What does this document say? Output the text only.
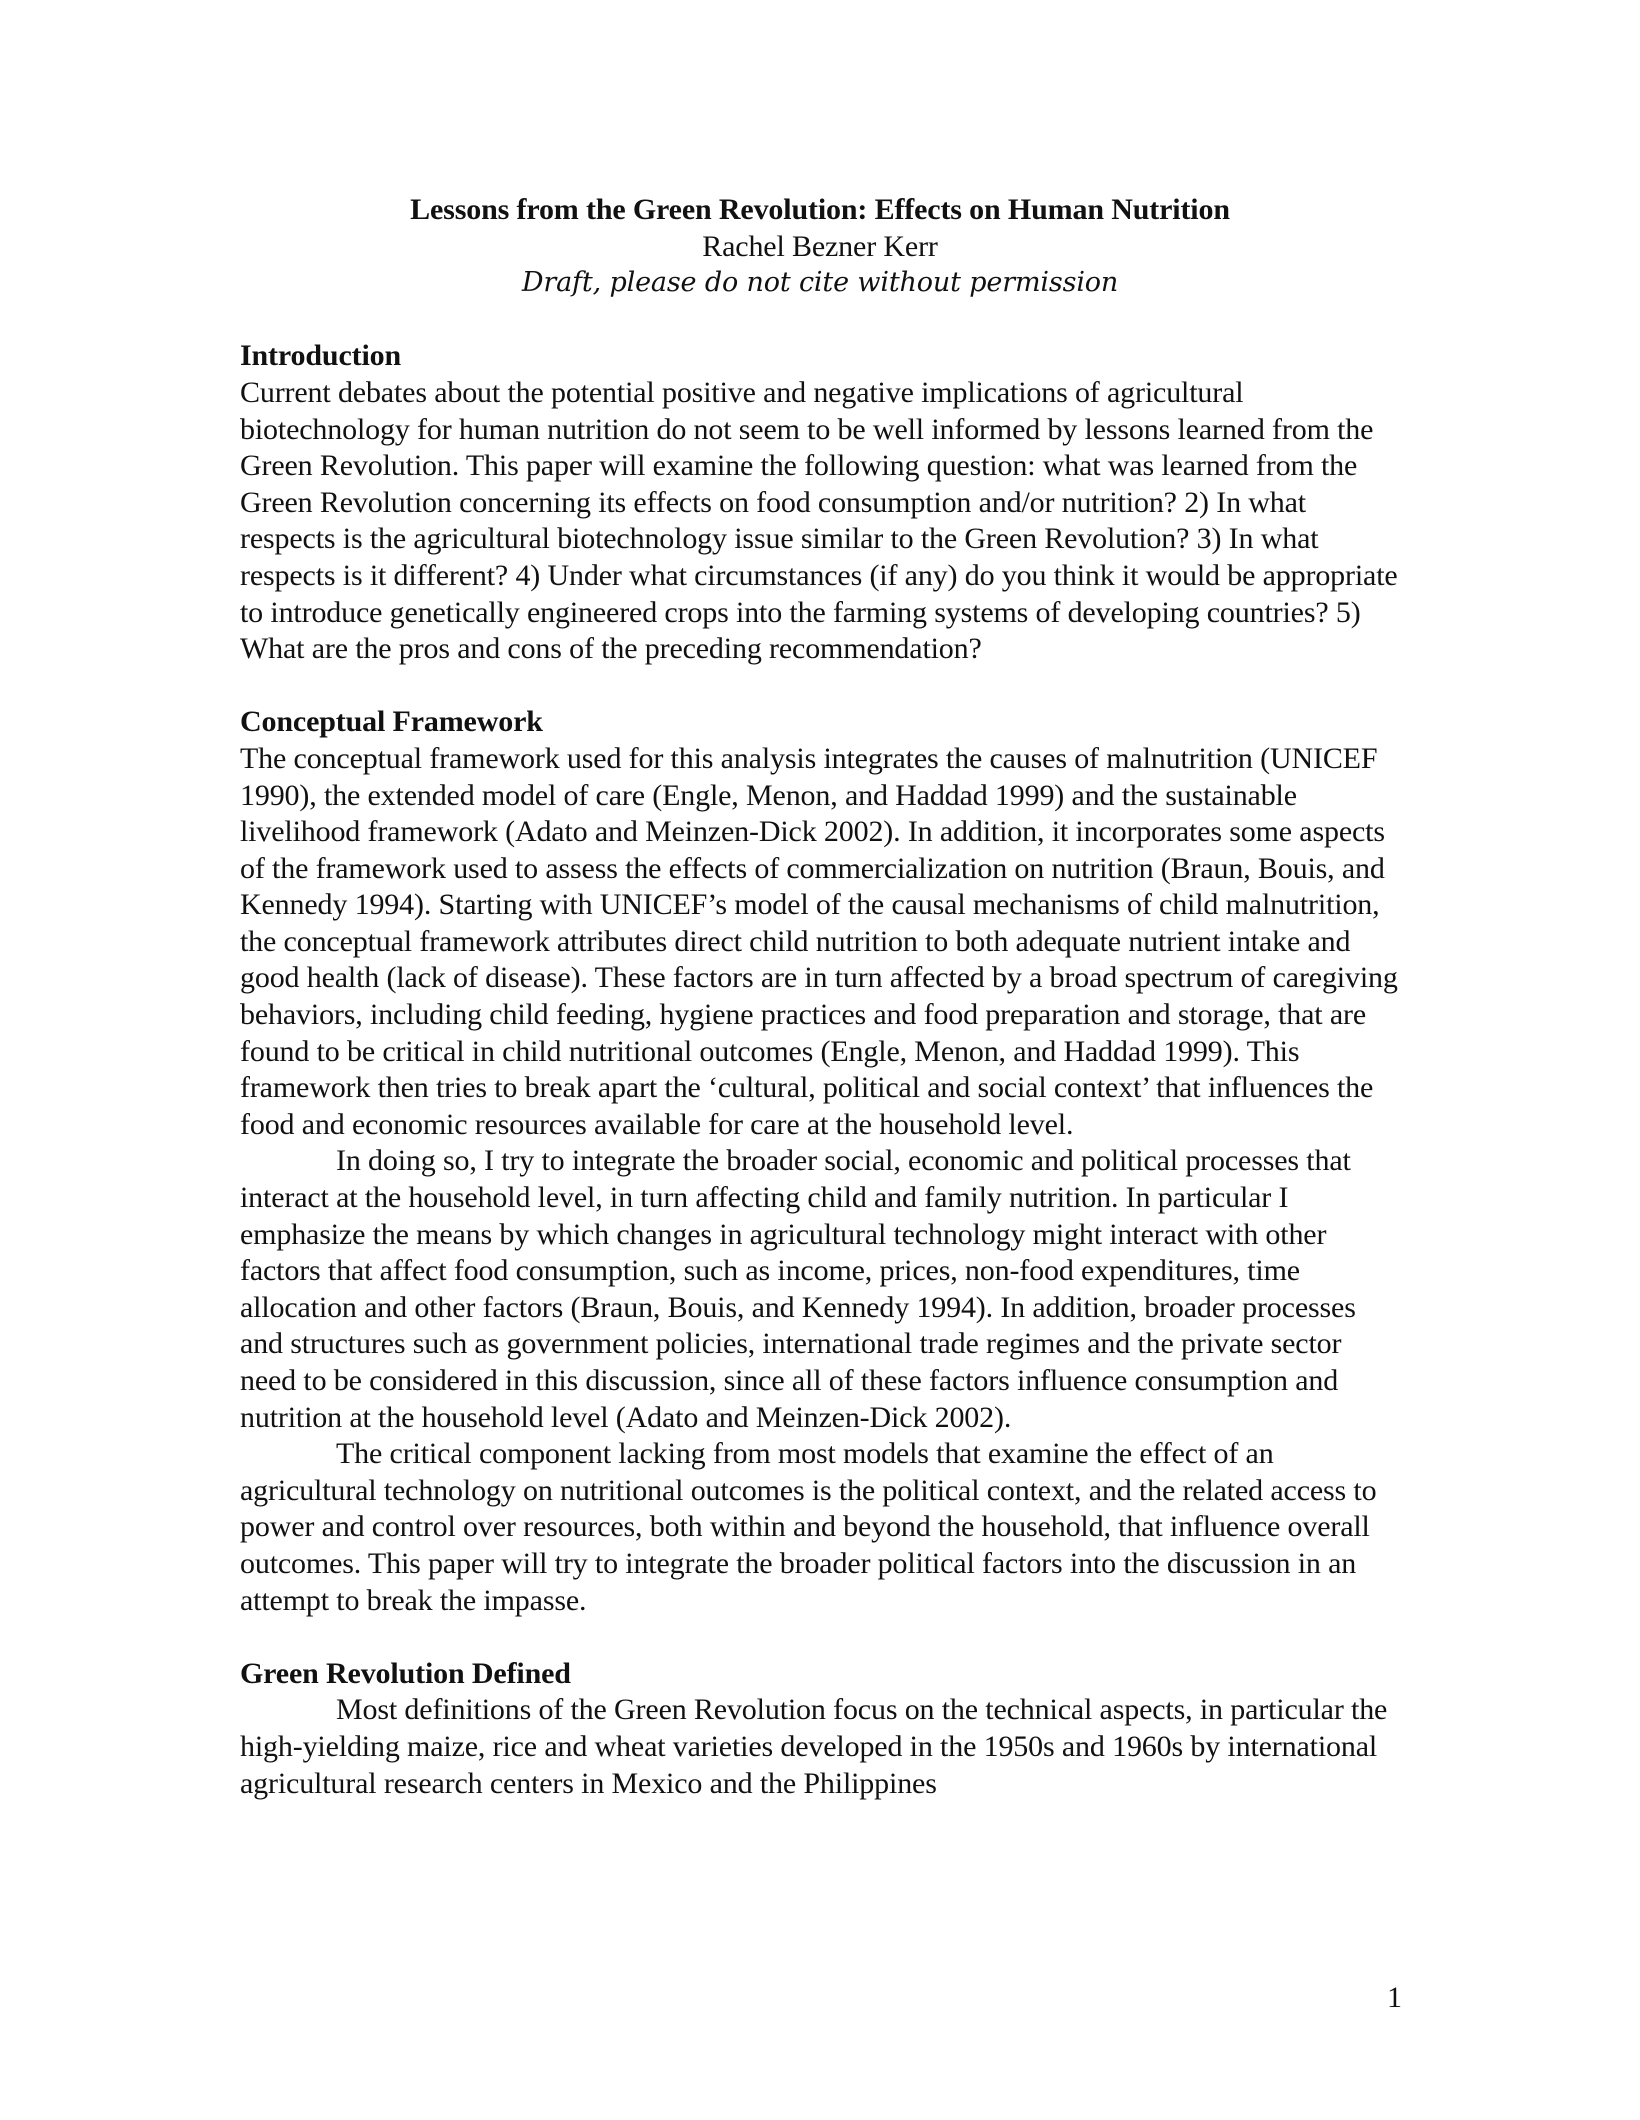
Lessons from the Green Revolution: Effects on Human Nutrition
Rachel Bezner Kerr
Draft, please do not cite without permission
Introduction

Current debates about the potential positive and negative implications of agricultural biotechnology for human nutrition do not seem to be well informed by lessons learned from the Green Revolution. This paper will examine the following question: what was learned from the Green Revolution concerning its effects on food consumption and/or nutrition? 2) In what respects is the agricultural biotechnology issue similar to the Green Revolution? 3) In what respects is it different? 4) Under what circumstances (if any) do you think it would be appropriate to introduce genetically engineered crops into the farming systems of developing countries? 5) What are the pros and cons of the preceding recommendation?

Conceptual Framework

The conceptual framework used for this analysis integrates the causes of malnutrition (UNICEF 1990), the extended model of care (Engle, Menon, and Haddad 1999) and the sustainable livelihood framework (Adato and Meinzen-Dick 2002). In addition, it incorporates some aspects of the framework used to assess the effects of commercialization on nutrition (Braun, Bouis, and Kennedy 1994). Starting with UNICEF’s model of the causal mechanisms of child malnutrition, the conceptual framework attributes direct child nutrition to both adequate nutrient intake and good health (lack of disease). These factors are in turn affected by a broad spectrum of caregiving behaviors, including child feeding, hygiene practices and food preparation and storage, that are found to be critical in child nutritional outcomes (Engle, Menon, and Haddad 1999). This framework then tries to break apart the ‘cultural, political and social context’ that influences the food and economic resources available for care at the household level.

In doing so, I try to integrate the broader social, economic and political processes that interact at the household level, in turn affecting child and family nutrition. In particular I emphasize the means by which changes in agricultural technology might interact with other factors that affect food consumption, such as income, prices, non-food expenditures, time allocation and other factors (Braun, Bouis, and Kennedy 1994). In addition, broader processes and structures such as government policies, international trade regimes and the private sector need to be considered in this discussion, since all of these factors influence consumption and nutrition at the household level (Adato and Meinzen-Dick 2002).

The critical component lacking from most models that examine the effect of an agricultural technology on nutritional outcomes is the political context, and the related access to power and control over resources, both within and beyond the household, that influence overall outcomes. This paper will try to integrate the broader political factors into the discussion in an attempt to break the impasse.

Green Revolution Defined

Most definitions of the Green Revolution focus on the technical aspects, in particular the high-yielding maize, rice and wheat varieties developed in the 1950s and 1960s by international agricultural research centers in Mexico and the Philippines

1
